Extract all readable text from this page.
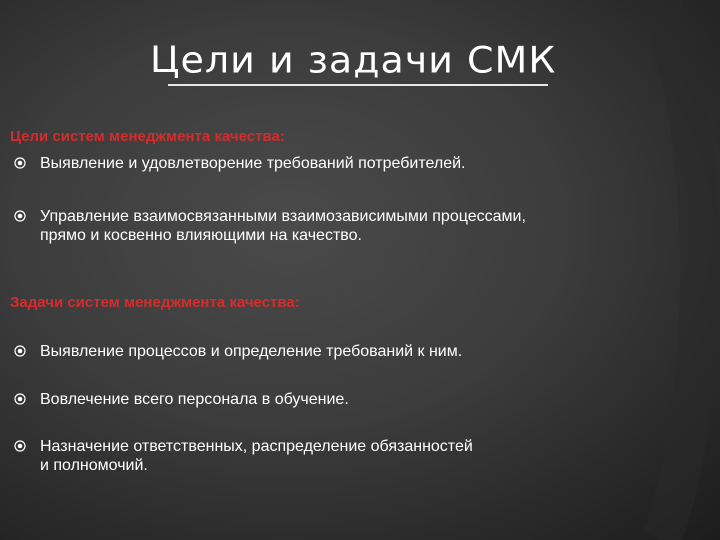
Цели и задачи СМК
Цели систем менеджмента качества:
Выявление и удовлетворение требований потребителей.
Управление взаимосвязанными взаимозависимыми процессами,
прямо и косвенно влияющими на качество.
Задачи систем менеджмента качества:
Выявление процессов и определение требований к ним.
Вовлечение всего персонала в обучение.
Назначение ответственных, распределение обязанностей
и полномочий.
